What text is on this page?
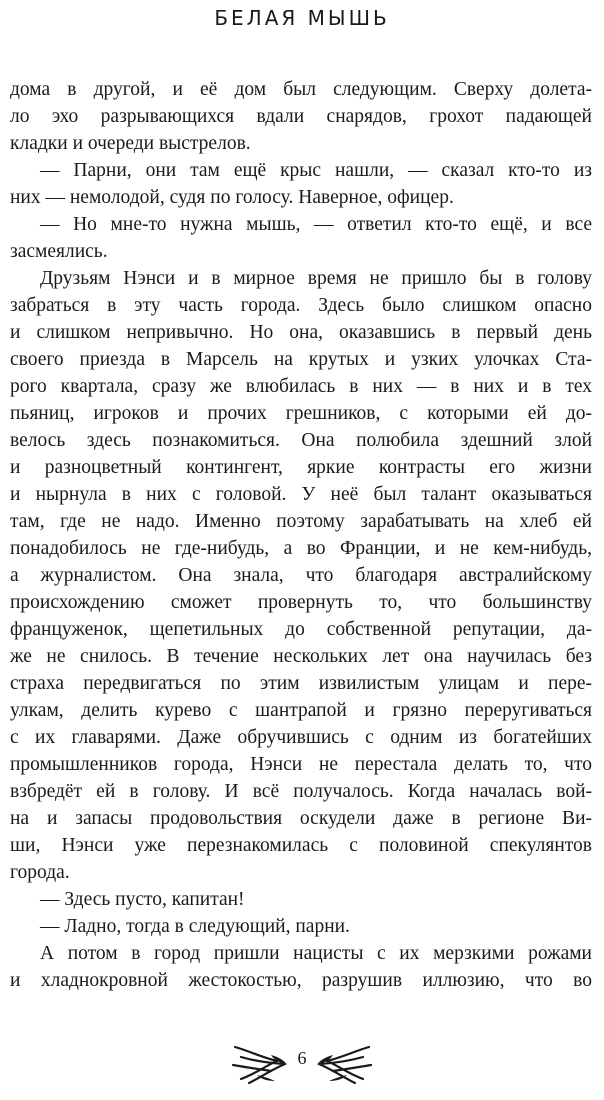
БЕЛАЯ МЫШЬ
дома в другой, и её дом был следующим. Сверху долета-
ло эхо разрывающихся вдали снарядов, грохот падающей
кладки и очереди выстрелов.
— Парни, они там ещё крыс нашли, — сказал кто-то из
них — немолодой, судя по голосу. Наверное, офицер.
— Но мне-то нужна мышь, — ответил кто-то ещё, и все
засмеялись.
Друзьям Нэнси и в мирное время не пришло бы в голову
забраться в эту часть города. Здесь было слишком опасно
и слишком непривычно. Но она, оказавшись в первый день
своего приезда в Марсель на крутых и узких улочках Ста-
рого квартала, сразу же влюбилась в них — в них и в тех
пьяниц, игроков и прочих грешников, с которыми ей до-
велось здесь познакомиться. Она полюбила здешний злой
и разноцветный контингент, яркие контрасты его жизни
и нырнула в них с головой. У неё был талант оказываться
там, где не надо. Именно поэтому зарабатывать на хлеб ей
понадобилось не где-нибудь, а во Франции, и не кем-нибудь,
а журналистом. Она знала, что благодаря австралийскому
происхождению сможет провернуть то, что большинству
француженок, щепетильных до собственной репутации, да-
же не снилось. В течение нескольких лет она научилась без
страха передвигаться по этим извилистым улицам и пере-
улкам, делить курево с шантрапой и грязно переругиваться
с их главарями. Даже обручившись с одним из богатейших
промышленников города, Нэнси не перестала делать то, что
взбредёт ей в голову. И всё получалось. Когда началась вой-
на и запасы продовольствия оскудели даже в регионе Ви-
ши, Нэнси уже перезнакомилась с половиной спекулянтов
города.
— Здесь пусто, капитан!
— Ладно, тогда в следующий, парни.
А потом в город пришли нацисты с их мерзкими рожами
и хладнокровной жестокостью, разрушив иллюзию, что во
6
